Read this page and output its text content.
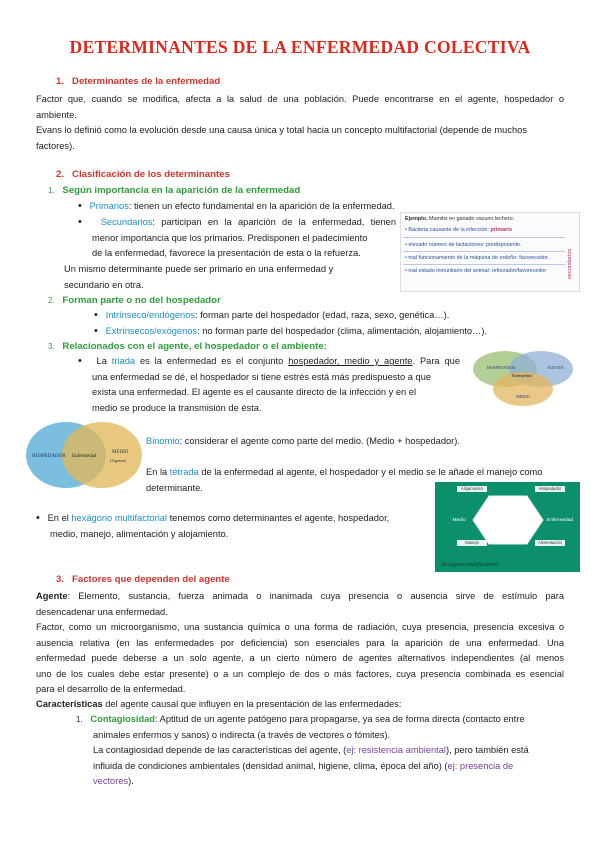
DETERMINANTES DE LA ENFERMEDAD COLECTIVA
1. Determinantes de la enfermedad
Factor que, cuando se modifica, afecta a la salud de una población. Puede encontrarse en el agente, hospedador o
ambiente.
Evans lo definió como la evolución desde una causa única y total hacia un concepto multifactorial (depende de muchos
factores).
2. Clasificación de los determinantes
1. Según importancia en la aparición de la enfermedad
• Primarios: tienen un efecto fundamental en la aparición de la enfermedad.
• Secundarios: participan en la aparición de la enfermedad, tienen
menor importancia que los primarios. Predisponen el padecimiento
de la enfermedad, favorece la presentación de esta o la refuerza.
Un mismo determinante puede ser primario en una enfermedad y
secundario en otra.
Ejemplo. Mamitis en ganado vacuno lechero:
• Bacteria causante de la infección: primario
• elevado número de lactaciones: predisponente.
• mal funcionamiento de la máquina de ordeño: favorecedor.
• mal estado inmunitario del animal: reforzador/favorecedor	secundarios
2. Forman parte o no del hospedador
• Intrínseco/endógenos: forman parte del hospedador (edad, raza, sexo, genética…).
• Extrínsecos/exógenos: no forman parte del hospedador (clima, alimentación, alojamiento…).
3. Relacionados con el agente, el hospedador o el ambiente:
• La triada es la enfermedad es el conjunto hospedador, medio y agente. Para que
una enfermedad se dé, el hospedador si tiene estrés está más predispuesto a que
exista una enfermedad. El agente es el causante directo de la infección y en el
medio se produce la transmisión de ésta.
HOSPEDADOR	AGENTE
MEDIO
Enfermedad
HOSPEDADOR Enfermedad
MEDIO
(Agente)
Binomio: considerar el agente como parte del medio. (Medio + hospedador).
En la tétrada de la enfermedad al agente, el hospedador y el medio se le añade el manejo como
determinante.
• En el hexágono multifactorial tenemos como determinantes el agente, hospedador,
medio, manejo, alimentación y alojamiento.
Alojamiento	Hospedador
Medio	Enfermedad
Manejo	Alimentación
Hexágono multifactorial
3. Factores que dependen del agente
Agente: Elemento, sustancia, fuerza animada o inanimada cuya presencia o ausencia sirve de estímulo para
desencadenar una enfermedad.
Factor, como un microorganismo, una sustancia química o una forma de radiación, cuya presencia, presencia excesiva o
ausencia relativa (en las enfermedades por deficiencia) son esenciales para la aparición de una enfermedad. Una
enfermedad puede deberse a un solo agente, a un cierto número de agentes alternativos independientes (al menos
uno de los cuales debe estar presente) o a un complejo de dos o más factores, cuya presencia combinada es esencial
para el desarrollo de la enfermedad.
Características del agente causal que influyen en la presentación de las enfermedades:
1. Contagiosidad: Aptitud de un agente patógeno para propagarse, ya sea de forma directa (contacto entre
animales enfermos y sanos) o indirecta (a través de vectores o fómites).
La contagiosidad depende de las características del agente, (ej: resistencia ambiental), pero también está
influida de condiciones ambientales (densidad animal, higiene, clima, época del año) (ej: presencia de
vectores).
